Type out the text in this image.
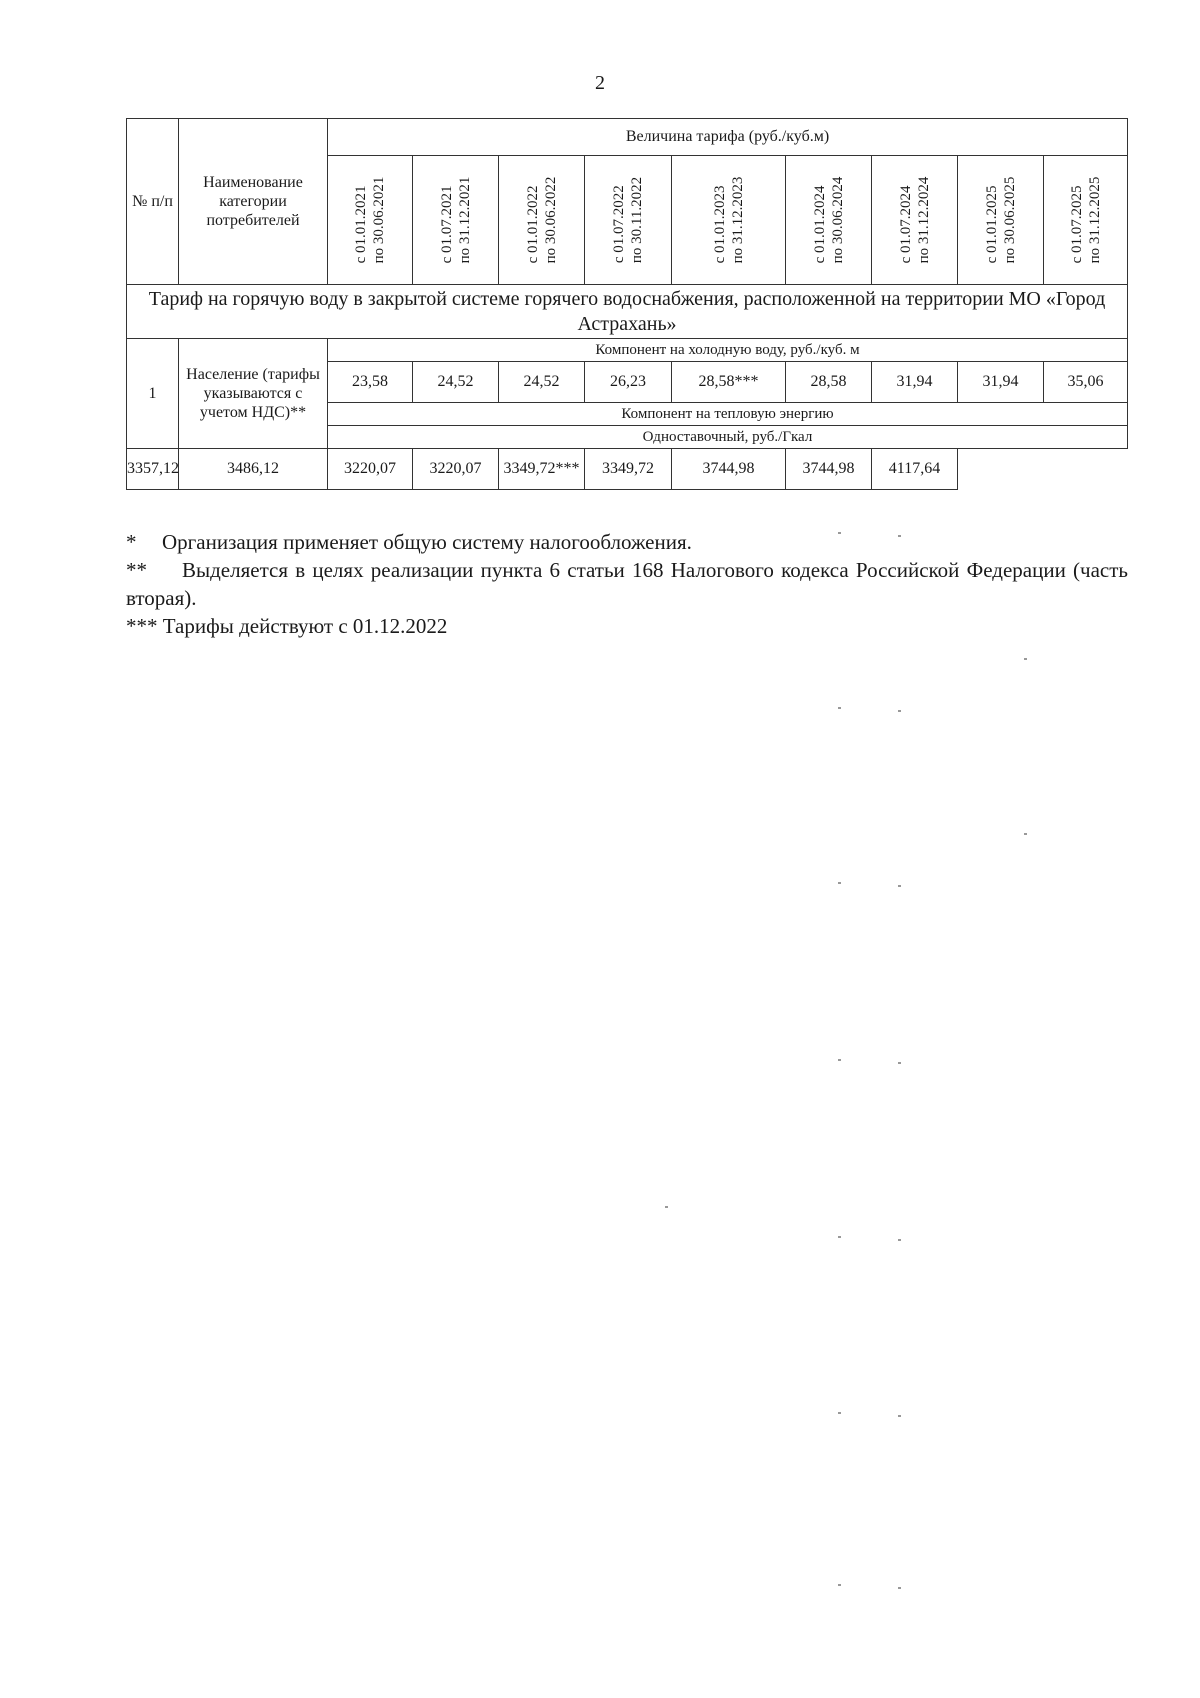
2
№ п/п	Наименование категории потребителей	Величина тарифа (руб./куб.м)								

		с 01.01.2021 по 30.06.2021	с 01.07.2021 по 31.12.2021	с 01.01.2022 по 30.06.2022	с 01.07.2022 по 30.11.2022	с 01.01.2023 по 31.12.2023	с 01.01.2024 по 30.06.2024	с 01.07.2024 по 31.12.2024	с 01.01.2025 по 30.06.2025	с 01.07.2025 по 31.12.2025

Тариф на горячую воду в закрытой системе горячего водоснабжения, расположенной на территории МО «Город Астрахань»										
1	Население (тарифы указываются с учетом НДС)**	Компонент на холодную воду, руб./куб. м								
		23,58	24,52	24,52	26,23	28,58***	28,58	31,94	31,94	35,06
		Компонент на тепловую энергию								
		Одноставочный, руб./Гкал								
3357,12	3486,12	3220,07	3220,07	3349,72***	3349,72	3744,98	3744,98	4117,64		

* Организация применяет общую систему налогообложения.

** Выделяется в целях реализации пункта 6 статьи 168 Налогового кодекса Российской Федерации (часть вторая).

*** Тарифы действуют с 01.12.2022
